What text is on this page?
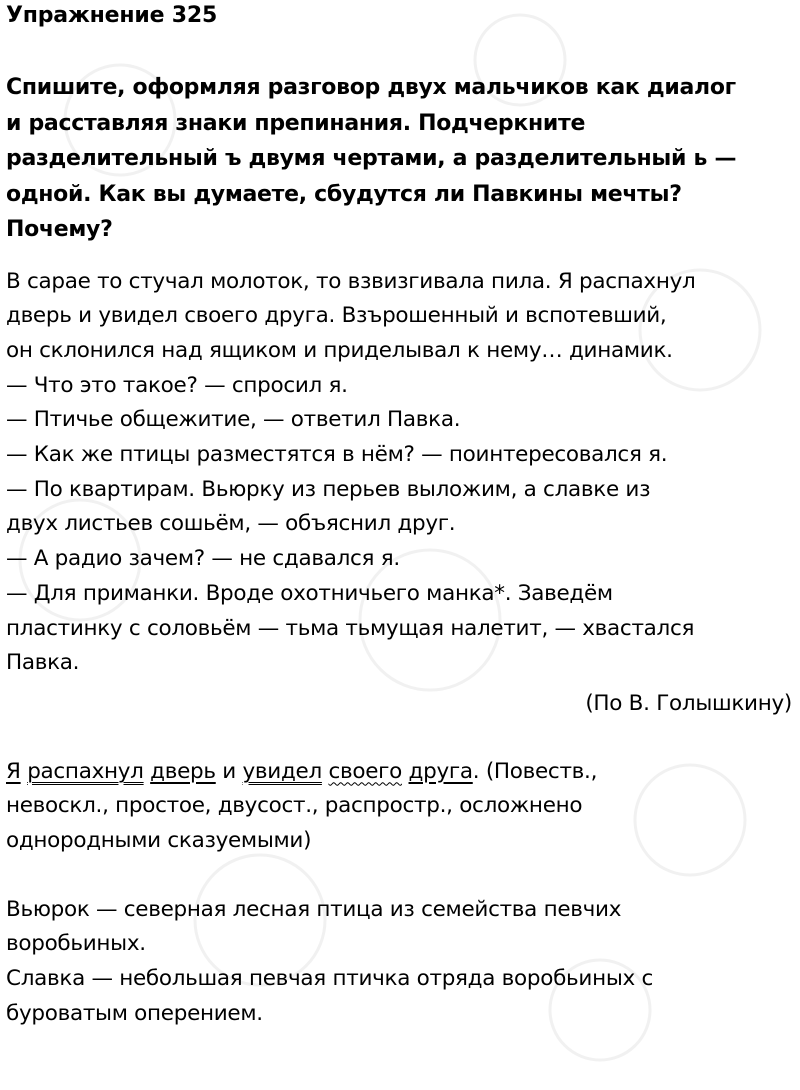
Упражнение 325
Спишите, оформляя разговор двух мальчиков как диалог
и расставляя знаки препинания. Подчеркните
разделительный ъ двумя чертами, а разделительный ь —
одной. Как вы думаете, сбудутся ли Павкины мечты?
Почему?
В сарае то стучал молоток, то взвизгивала пила. Я распахнул
дверь и увидел своего друга. Взърошенный и вспотевший,
он склонился над ящиком и приделывал к нему… динамик.
— Что это такое? — спросил я.
— Птичье общежитие, — ответил Павка.
— Как же птицы разместятся в нём? — поинтересовался я.
— По квартирам. Вьюрку из перьев выложим, а славке из
двух листьев сошьём, — объяснил друг.
— А радио зачем? — не сдавался я.
— Для приманки. Вроде охотничьего манка*. Заведём
пластинку с соловьём — тьма тьмущая налетит, — хвастался
Павка.
(По В. Голышкину)
Я распахнул дверь и увидел своего друга. (Повеств.,
невоскл., простое, двусост., распростр., осложнено
однородными сказуемыми)
Вьюрок — северная лесная птица из семейства певчих
воробьиных.
Славка — небольшая певчая птичка отряда воробьиных с
буроватым оперением.
